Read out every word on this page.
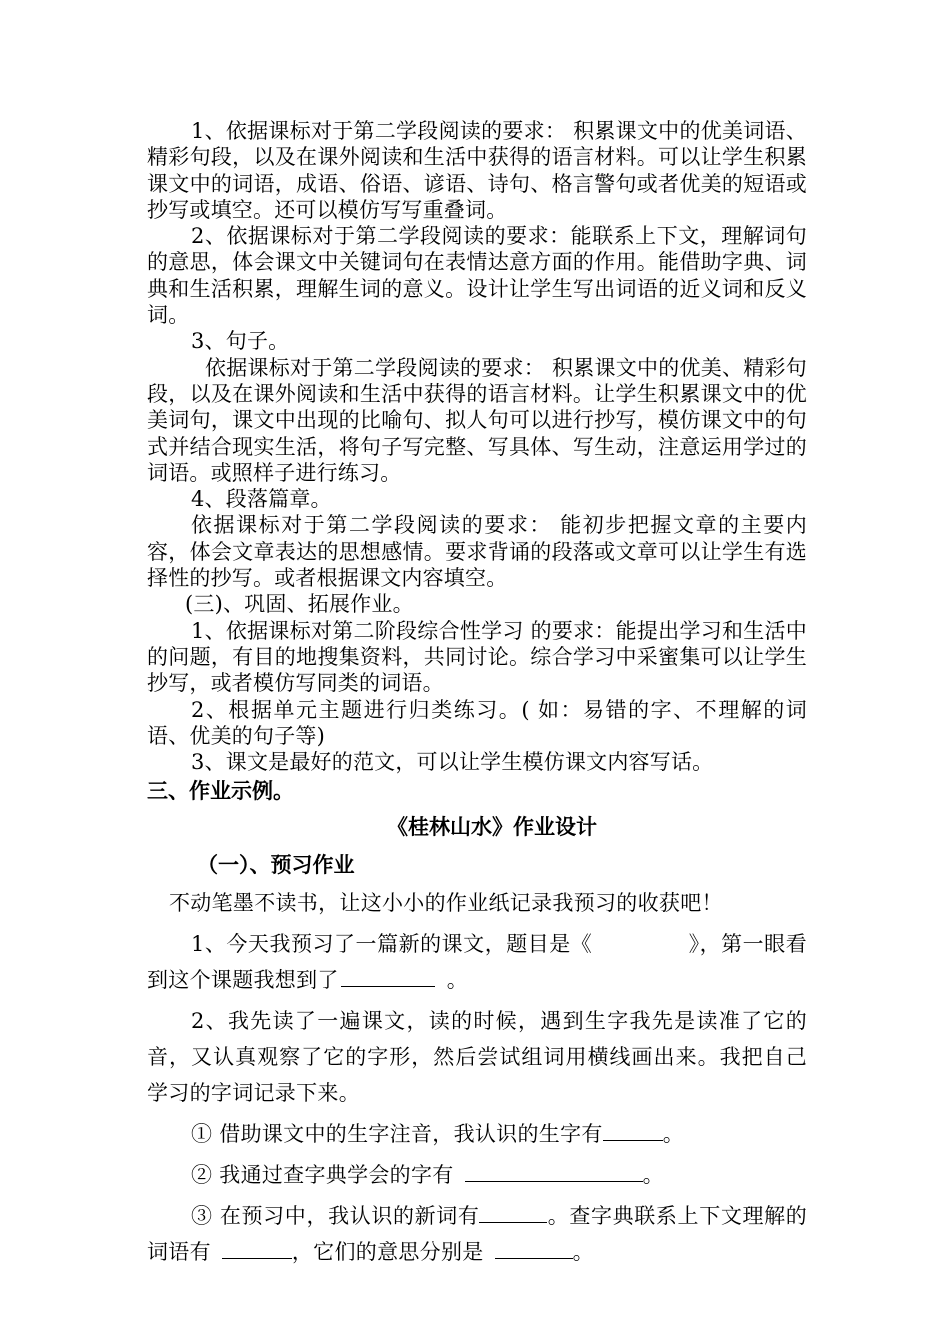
1、依据课标对于第二学段阅读的要求： 积累课文中的优美词语、精彩句段，以及在课外阅读和生活中获得的语言材料。可以让学生积累课文中的词语，成语、俗语、谚语、诗句、格言警句或者优美的短语或抄写或填空。还可以模仿写写重叠词。

2、依据课标对于第二学段阅读的要求：能联系上下文，理解词句的意思，体会课文中关键词句在表情达意方面的作用。能借助字典、词典和生活积累，理解生词的意义。设计让学生写出词语的近义词和反义词。

3、句子。

依据课标对于第二学段阅读的要求： 积累课文中的优美、精彩句段，以及在课外阅读和生活中获得的语言材料。让学生积累课文中的优美词句，课文中出现的比喻句、拟人句可以进行抄写，模仿课文中的句式并结合现实生活，将句子写完整、写具体、写生动，注意运用学过的词语。或照样子进行练习。

4、段落篇章。

依据课标对于第二学段阅读的要求： 能初步把握文章的主要内容，体会文章表达的思想感情。要求背诵的段落或文章可以让学生有选择性的抄写。或者根据课文内容填空。

(三)、巩固、拓展作业。

1、依据课标对第二阶段综合性学习 的要求：能提出学习和生活中的问题，有目的地搜集资料，共同讨论。综合学习中采蜜集可以让学生抄写，或者模仿写同类的词语。

2、根据单元主题进行归类练习。( 如：易错的字、不理解的词语、优美的句子等)

3、课文是最好的范文，可以让学生模仿课文内容写话。

三、作业示例。

《桂林山水》作业设计

（一）、预习作业

不动笔墨不读书，让这小小的作业纸记录我预习的收获吧！

1、今天我预习了一篇新的课文，题目是《	》，第一眼看到这个课题我想到了	。

2、我先读了一遍课文，读的时候，遇到生字我先是读准了它的音，又认真观察了它的字形，然后尝试组词用横线画出来。我把自己学习的字词记录下来。

① 借助课文中的生字注音，我认识的生字有	。

② 我通过查字典学会的字有	。

③ 在预习中，我认识的新词有	。查字典联系上下文理解的词语有	，它们的意思分别是	。
